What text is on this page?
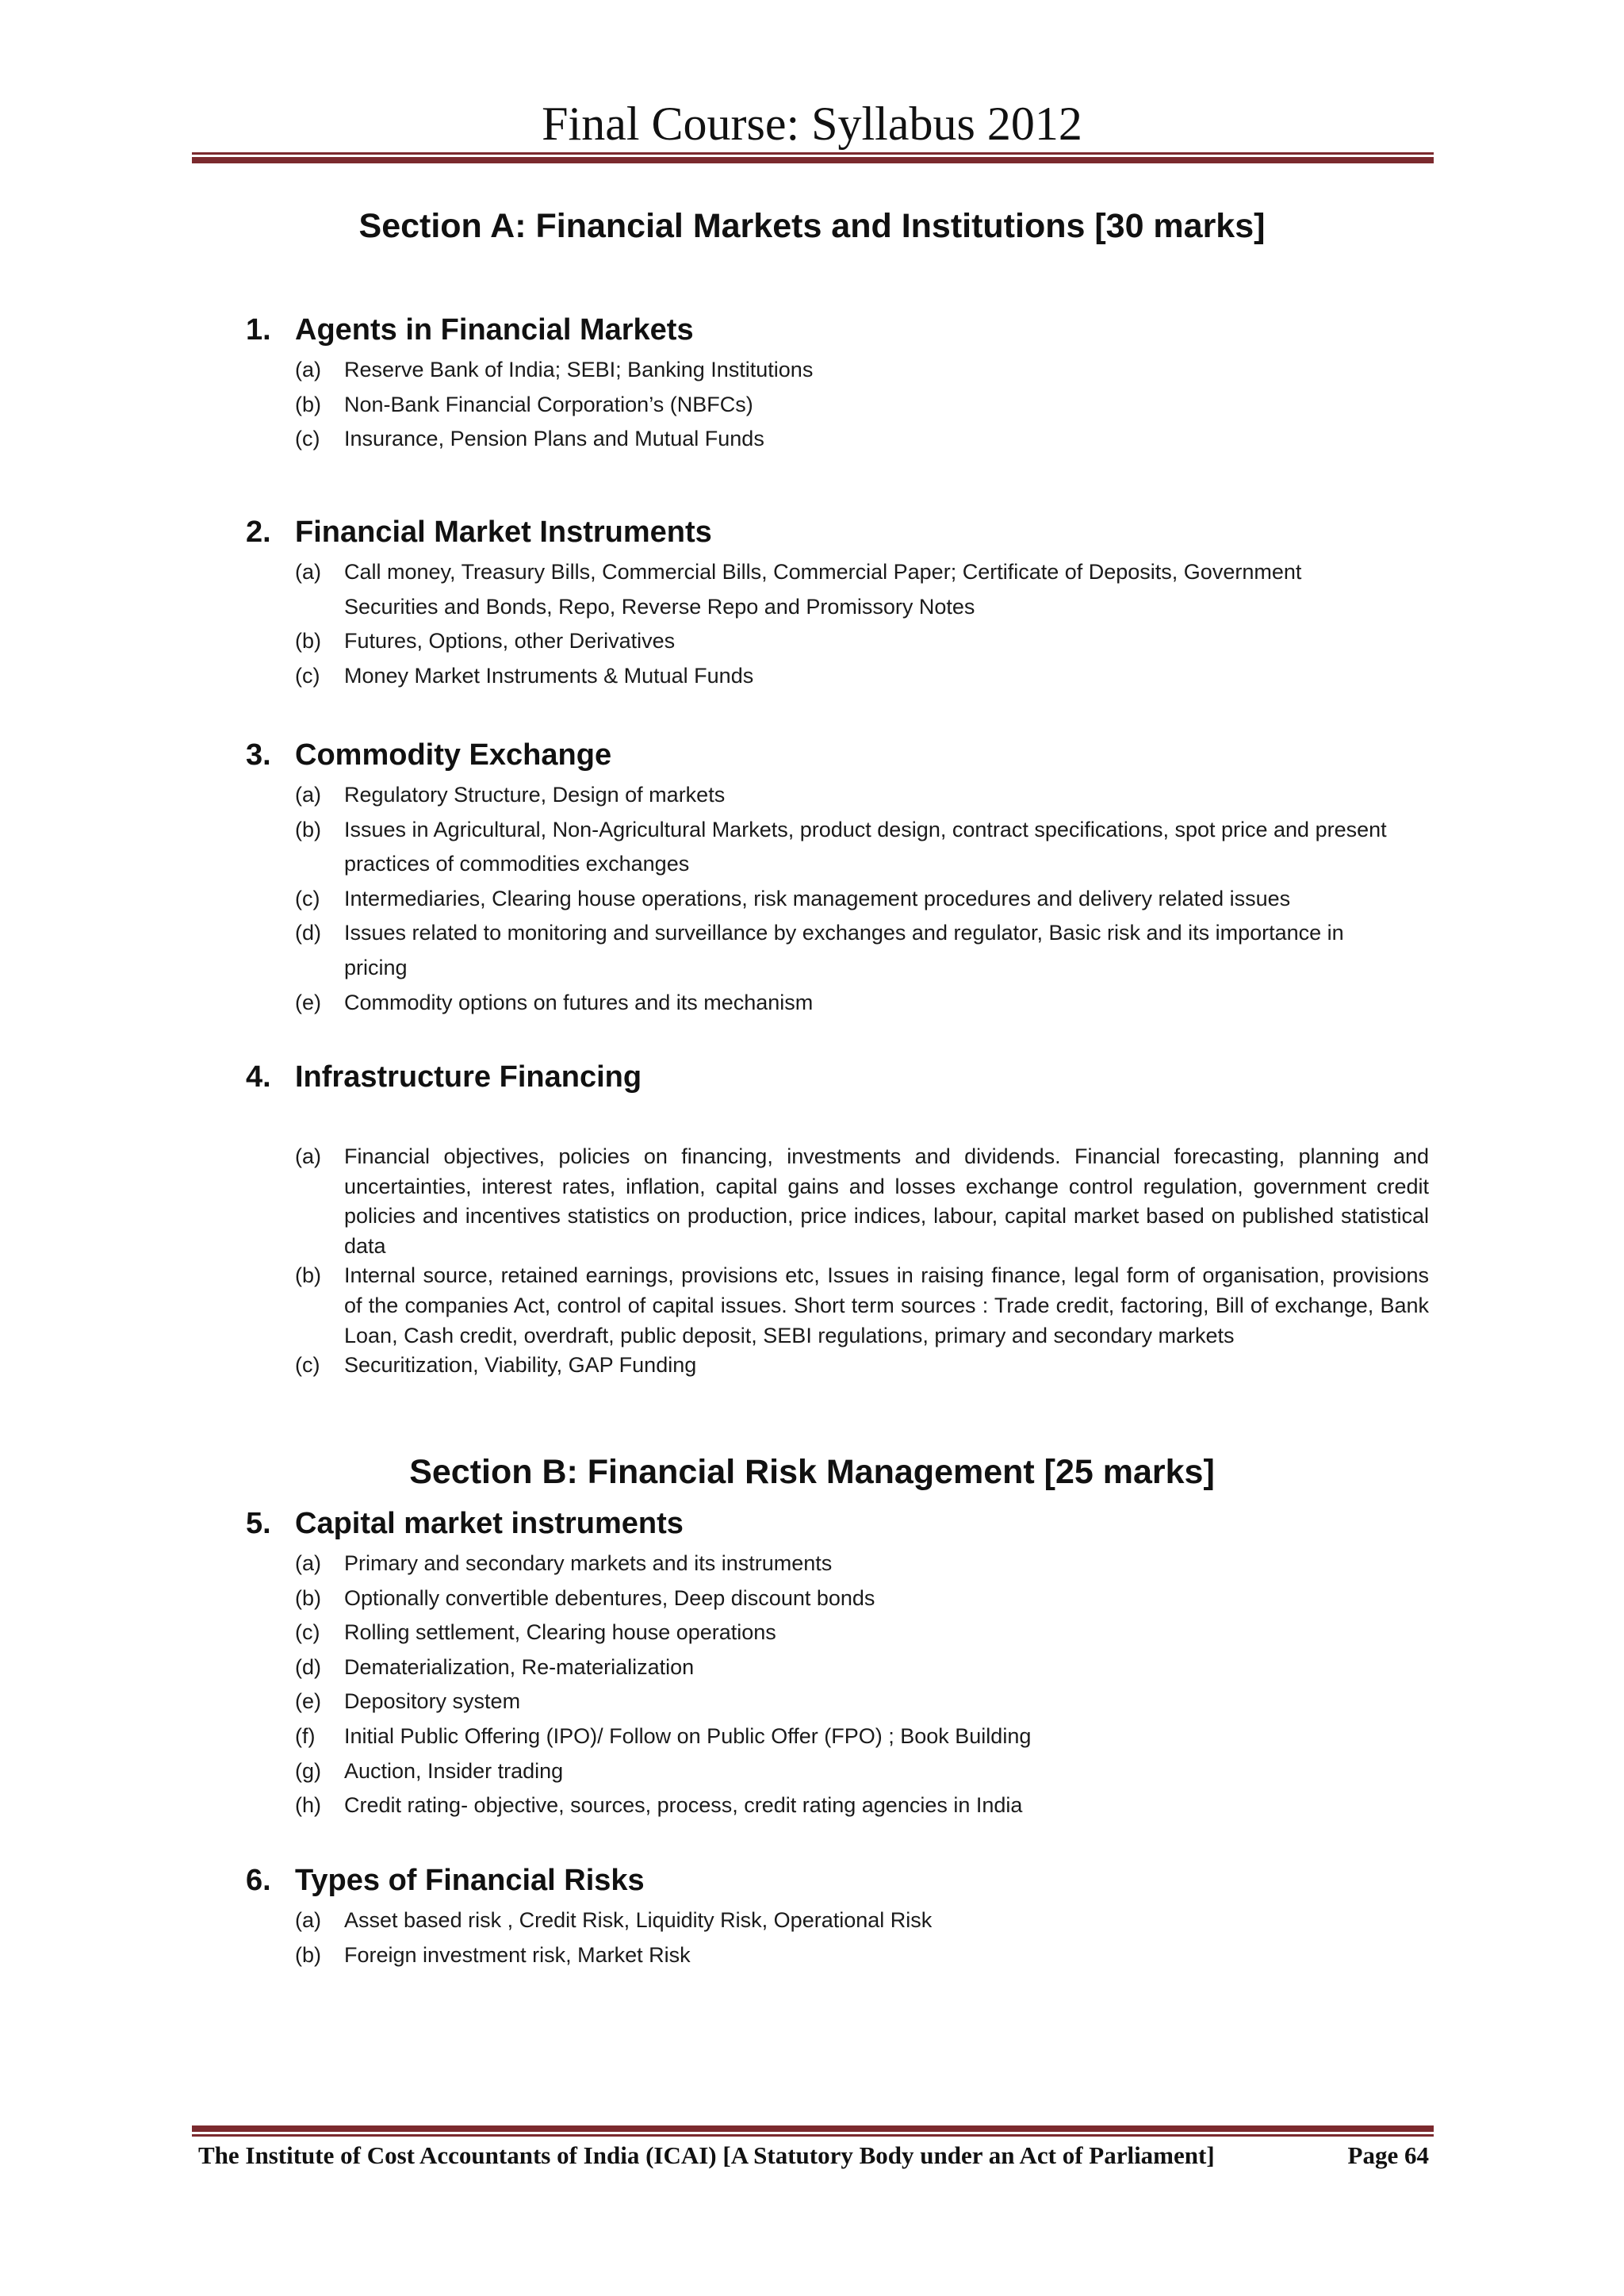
Final Course: Syllabus 2012
Section A: Financial Markets and Institutions [30 marks]
1. Agents in Financial Markets
(a) Reserve Bank of India; SEBI; Banking Institutions
(b) Non-Bank Financial Corporation’s (NBFCs)
(c) Insurance, Pension Plans and Mutual Funds
2. Financial Market Instruments
(a) Call money, Treasury Bills, Commercial Bills, Commercial Paper; Certificate of Deposits, Government Securities and Bonds, Repo, Reverse Repo and Promissory Notes
(b) Futures, Options, other Derivatives
(c) Money Market Instruments & Mutual Funds
3. Commodity Exchange
(a) Regulatory Structure, Design of markets
(b) Issues in Agricultural, Non-Agricultural Markets, product design, contract specifications, spot price and present practices of commodities exchanges
(c) Intermediaries, Clearing house operations, risk management procedures and delivery related issues
(d) Issues related to monitoring and surveillance by exchanges and regulator, Basic risk and its importance in pricing
(e) Commodity options on futures and its mechanism
4. Infrastructure Financing
(a) Financial objectives, policies on financing, investments and dividends. Financial forecasting, planning and uncertainties, interest rates, inflation, capital gains and losses exchange control regulation, government credit policies and incentives statistics on production, price indices, labour, capital market based on published statistical data
(b) Internal source, retained earnings, provisions etc, Issues in raising finance, legal form of organisation, provisions of the companies Act, control of capital issues. Short term sources : Trade credit, factoring, Bill of exchange, Bank Loan, Cash credit, overdraft, public deposit, SEBI regulations, primary and secondary markets
(c) Securitization, Viability, GAP Funding
Section B: Financial Risk Management [25 marks]
5. Capital market instruments
(a) Primary and secondary markets and its instruments
(b) Optionally convertible debentures, Deep discount bonds
(c) Rolling settlement, Clearing house operations
(d) Dematerialization, Re-materialization
(e) Depository system
(f) Initial Public Offering (IPO)/ Follow on Public Offer (FPO) ; Book Building
(g) Auction, Insider trading
(h) Credit rating- objective, sources, process, credit rating agencies in India
6. Types of Financial Risks
(a) Asset based risk , Credit Risk, Liquidity Risk, Operational Risk
(b) Foreign investment risk, Market Risk
The Institute of Cost Accountants of India (ICAI) [A Statutory Body under an Act of Parliament]	Page 64
